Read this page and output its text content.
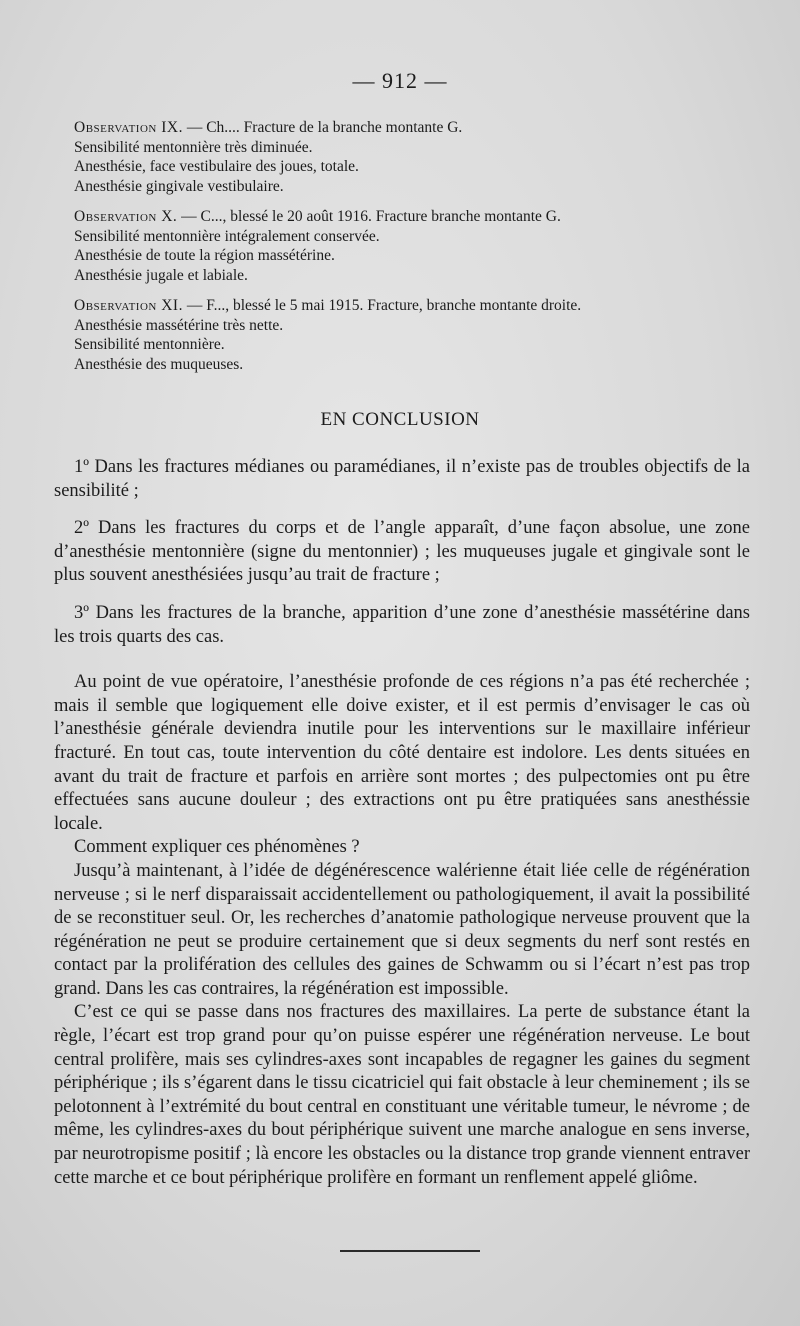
— 912 —

Observation IX. — Ch.... Fracture de la branche montante G.

Sensibilité mentonnière très diminuée.

Anesthésie, face vestibulaire des joues, totale.

Anesthésie gingivale vestibulaire.

Observation X. — C..., blessé le 20 août 1916. Fracture branche montante G.

Sensibilité mentonnière intégralement conservée.

Anesthésie de toute la région massétérine.

Anesthésie jugale et labiale.

Observation XI. — F..., blessé le 5 mai 1915. Fracture, branche montante droite.

Anesthésie massétérine très nette.

Sensibilité mentonnière.

Anesthésie des muqueuses.

EN CONCLUSION

1º Dans les fractures médianes ou paramédianes, il n’existe pas de troubles objectifs de la sensibilité ;

2º Dans les fractures du corps et de l’angle apparaît, d’une façon absolue, une zone d’anesthésie mentonnière (signe du mentonnier) ; les muqueuses jugale et gingivale sont le plus souvent anesthésiées jusqu’au trait de fracture ;

3º Dans les fractures de la branche, apparition d’une zone d’anesthésie massétérine dans les trois quarts des cas.

Au point de vue opératoire, l’anesthésie profonde de ces régions n’a pas été recherchée ; mais il semble que logiquement elle doive exister, et il est permis d’envisager le cas où l’anesthésie générale deviendra inutile pour les interventions sur le maxillaire inférieur fracturé. En tout cas, toute intervention du côté dentaire est indolore. Les dents situées en avant du trait de fracture et parfois en arrière sont mortes ; des pulpectomies ont pu être effectuées sans aucune douleur ; des extractions ont pu être pratiquées sans anesthéssie locale.

Comment expliquer ces phénomènes ?

Jusqu’à maintenant, à l’idée de dégénérescence walérienne était liée celle de régénération nerveuse ; si le nerf disparaissait accidentellement ou pathologiquement, il avait la possibilité de se reconstituer seul. Or, les recherches d’anatomie pathologique nerveuse prouvent que la régénération ne peut se produire certainement que si deux segments du nerf sont restés en contact par la prolifération des cellules des gaines de Schwamm ou si l’écart n’est pas trop grand. Dans les cas contraires, la régénération est impossible.

C’est ce qui se passe dans nos fractures des maxillaires. La perte de substance étant la règle, l’écart est trop grand pour qu’on puisse espérer une régénération nerveuse. Le bout central prolifère, mais ses cylindres-axes sont incapables de regagner les gaines du segment périphérique ; ils s’égarent dans le tissu cicatriciel qui fait obstacle à leur cheminement ; ils se pelotonnent à l’extrémité du bout central en constituant une véritable tumeur, le névrome ; de même, les cylindres-axes du bout périphérique suivent une marche analogue en sens inverse, par neurotropisme positif ; là encore les obstacles ou la distance trop grande viennent entraver cette marche et ce bout périphérique prolifère en formant un renflement appelé gliôme.
